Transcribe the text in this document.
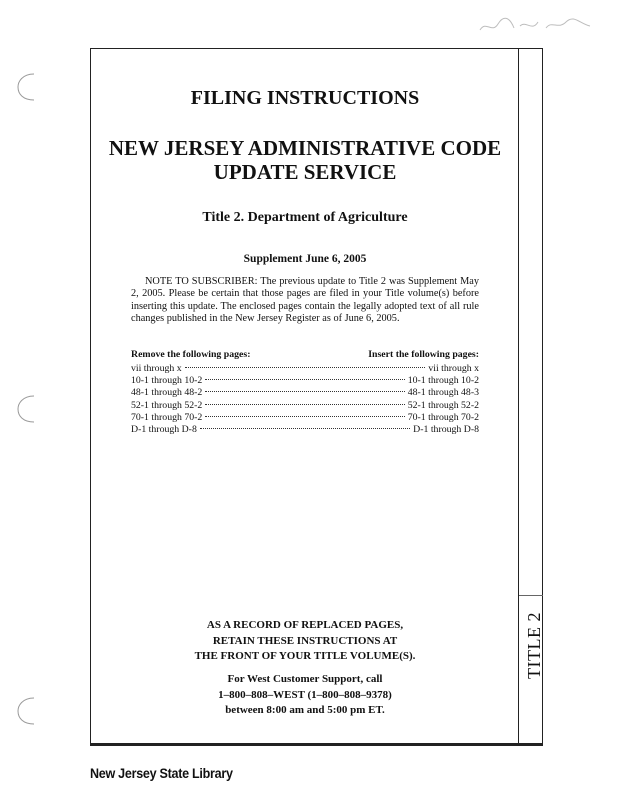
TITLE 2
FILING INSTRUCTIONS
NEW JERSEY ADMINISTRATIVE CODE
UPDATE SERVICE
Title 2. Department of Agriculture
Supplement June 6, 2005

NOTE TO SUBSCRIBER: The previous update to Title 2 was Supplement May 2, 2005. Please be certain that those pages are filed in your Title volume(s) before inserting this update. The enclosed pages contain the legally adopted text of all rule changes published in the New Jersey Register as of June 6, 2005.

Remove the following pages:	Insert the following pages:
vii through x	vii through x
10-1 through 10-2	10-1 through 10-2
48-1 through 48-2	48-1 through 48-3
52-1 through 52-2	52-1 through 52-2
70-1 through 70-2	70-1 through 70-2
D-1 through D-8	D-1 through D-8
AS A RECORD OF REPLACED PAGES,
RETAIN THESE INSTRUCTIONS AT
THE FRONT OF YOUR TITLE VOLUME(S).
For West Customer Support, call
1–800–808–WEST (1–800–808–9378)
between 8:00 am and 5:00 pm ET.
New Jersey State Library
